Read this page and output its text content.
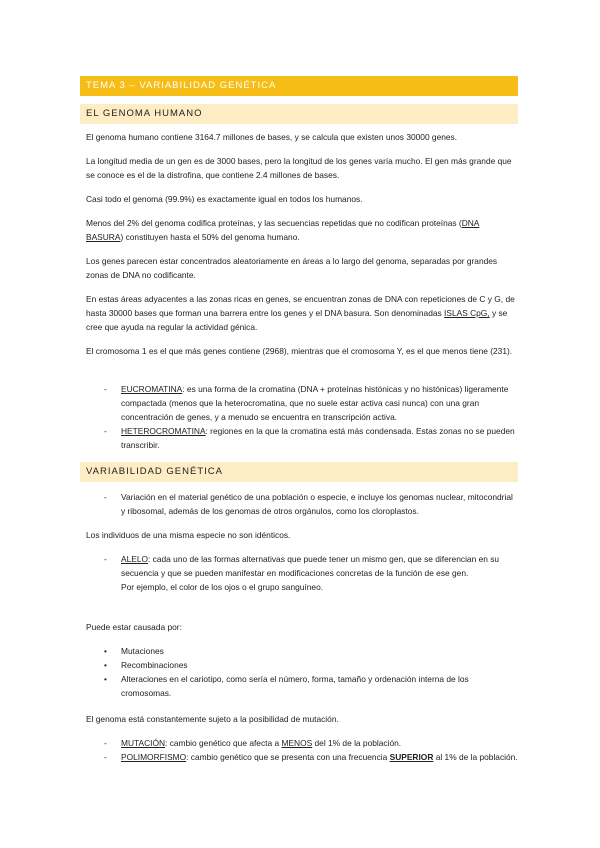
TEMA 3 – VARIABILIDAD GENÉTICA
EL GENOMA HUMANO

El genoma humano contiene 3164.7 millones de bases, y se calcula que existen unos 30000 genes.

La longitud media de un gen es de 3000 bases, pero la longitud de los genes varía mucho. El gen más grande que se conoce es el de la distrofina, que contiene 2.4 millones de bases.

Casi todo el genoma (99.9%) es exactamente igual en todos los humanos.

Menos del 2% del genoma codifica proteínas, y las secuencias repetidas que no codifican proteínas (DNA BASURA) constituyen hasta el 50% del genoma humano.

Los genes parecen estar concentrados aleatoriamente en áreas a lo largo del genoma, separadas por grandes zonas de DNA no codificante.

En estas áreas adyacentes a las zonas ricas en genes, se encuentran zonas de DNA con repeticiones de C y G, de hasta 30000 bases que forman una barrera entre los genes y el DNA basura. Son denominadas ISLAS CpG, y se cree que ayuda na regular la actividad génica.

El cromosoma 1 es el que más genes contiene (2968), mientras que el cromosoma Y, es el que menos tiene (231).

- EUCROMATINA: es una forma de la cromatina (DNA + proteínas histónicas y no histónicas) ligeramente compactada (menos que la heterocromatina, que no suele estar activa casi nunca) con una gran concentración de genes, y a menudo se encuentra en transcripción activa.
- HETEROCROMATINA: regiones en la que la cromatina está más condensada. Estas zonas no se pueden transcribir.
VARIABILIDAD GENÉTICA
- Variación en el material genético de una población o especie, e incluye los genomas nuclear, mitocondrial y ribosomal, además de los genomas de otros orgánulos, como los cloroplastos.

Los individuos de una misma especie no son idénticos.

- ALELO: cada uno de las formas alternativas que puede tener un mismo gen, que se diferencian en su secuencia y que se pueden manifestar en modificaciones concretas de la función de ese gen.
Por ejemplo, el color de los ojos o el grupo sanguíneo.

Puede estar causada por:

• Mutaciones
• Recombinaciones
• Alteraciones en el cariotipo, como sería el número, forma, tamaño y ordenación interna de los cromosomas.

El genoma está constantemente sujeto a la posibilidad de mutación.

- MUTACIÓN: cambio genético que afecta a MENOS del 1% de la población.
- POLIMORFISMO: cambio genético que se presenta con una frecuencia SUPERIOR al 1% de la población.
